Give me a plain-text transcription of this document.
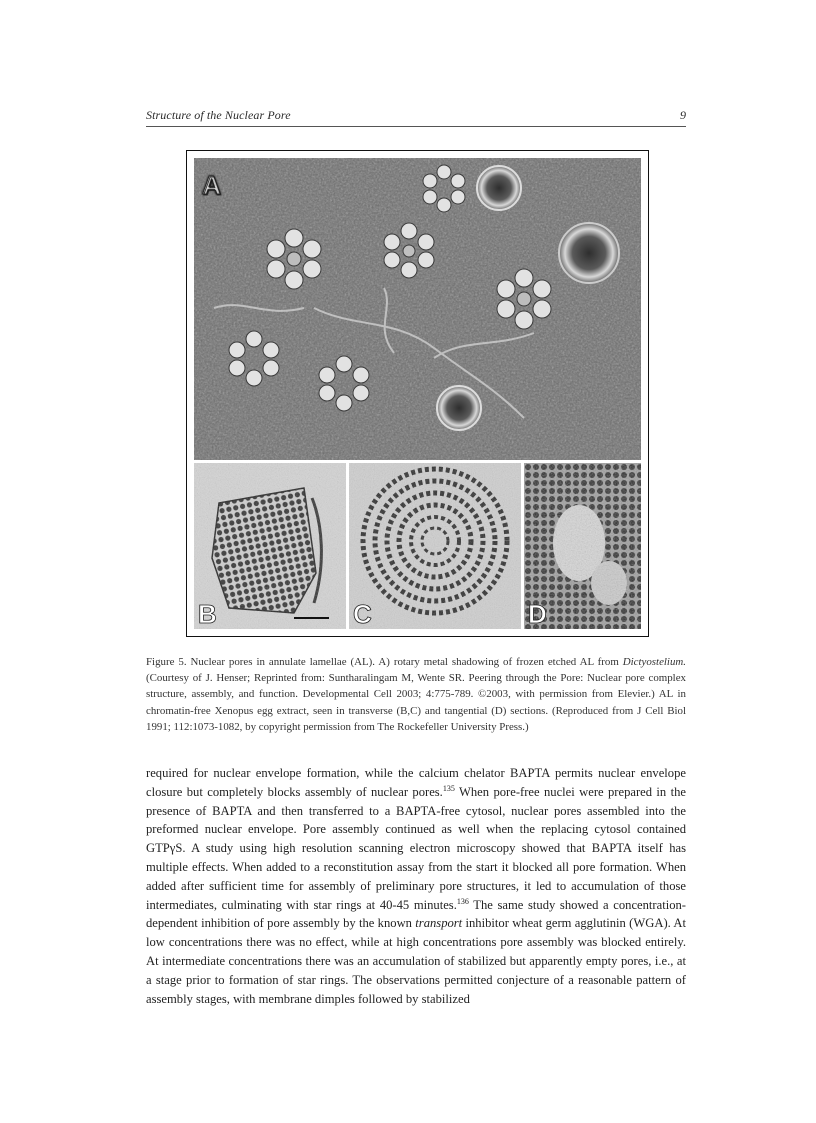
Structure of the Nuclear Pore	9
A
B	C	D
Figure 5. Nuclear pores in annulate lamellae (AL). A) rotary metal shadowing of frozen etched AL from Dictyostelium. (Courtesy of J. Henser; Reprinted from: Suntharalingam M, Wente SR. Peering through the Pore: Nuclear pore complex structure, assembly, and function. Developmental Cell 2003; 4:775-789. ©2003, with permission from Elevier.) AL in chromatin-free Xenopus egg extract, seen in transverse (B,C) and tangential (D) sections. (Reproduced from J Cell Biol 1991; 112:1073-1082, by copyright permission from The Rockefeller University Press.)
required for nuclear envelope formation, while the calcium chelator BAPTA permits nuclear envelope closure but completely blocks assembly of nuclear pores.$^{135}$ When pore-free nuclei were prepared in the presence of BAPTA and then transferred to a BAPTA-free cytosol, nuclear pores assembled into the preformed nuclear envelope. Pore assembly continued as well when the replacing cytosol contained GTPγS. A study using high resolution scanning electron microscopy showed that BAPTA itself has multiple effects. When added to a reconstitution assay from the start it blocked all pore formation. When added after sufficient time for assembly of preliminary pore structures, it led to accumulation of those intermediates, culminating with star rings at 40-45 minutes.$^{136}$ The same study showed a concentration-dependent inhibition of pore assembly by the known transport inhibitor wheat germ agglutinin (WGA). At low concentrations there was no effect, while at high concentrations pore assembly was blocked entirely. At intermediate concentrations there was an accumulation of stabilized but apparently empty pores, i.e., at a stage prior to formation of star rings. The observations permitted conjecture of a reasonable pattern of assembly stages, with membrane dimples followed by stabilized
